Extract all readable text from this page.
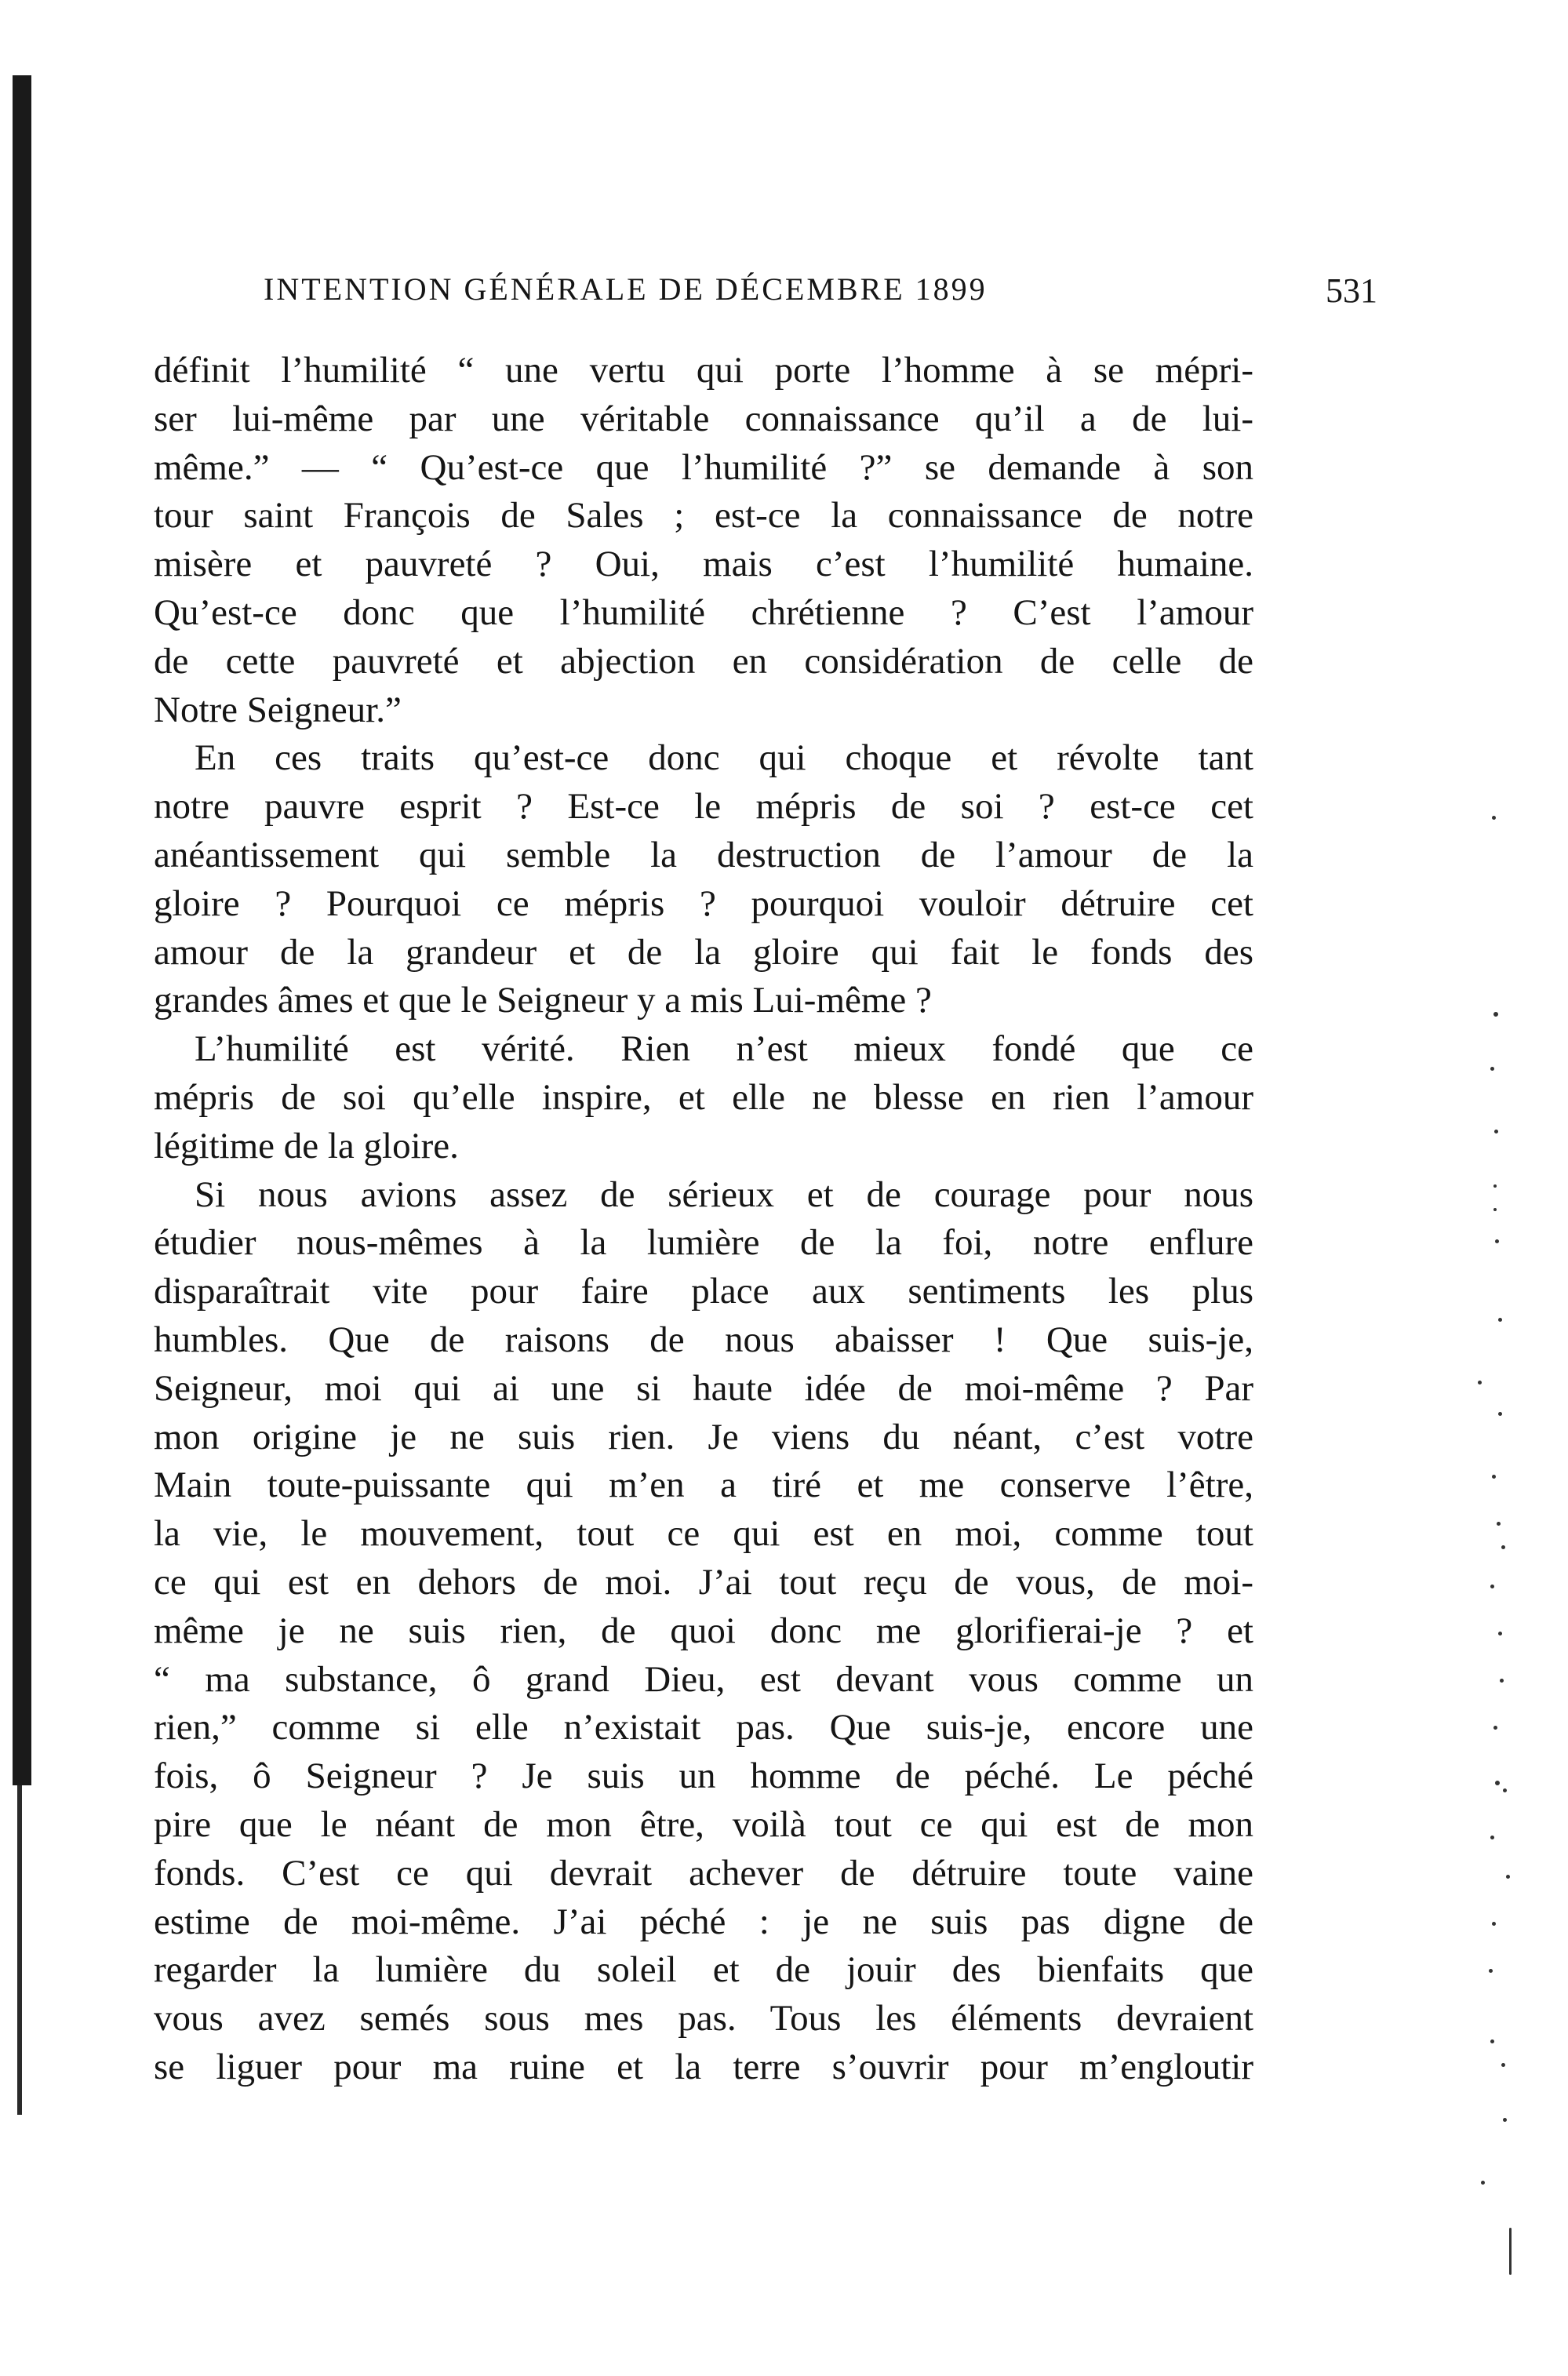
INTENTION GÉNÉRALE DE DÉCEMBRE 1899	531
définit l’humilité “ une vertu qui porte l’homme à se mépri-
ser lui-même par une véritable connaissance qu’il a de lui-
même.” — “ Qu’est-ce que l’humilité ?” se demande à son
tour saint François de Sales ; est-ce la connaissance de notre
misère et pauvreté ? Oui, mais c’est l’humilité humaine.
Qu’est-ce donc que l’humilité chrétienne ? C’est l’amour
de cette pauvreté et abjection en considération de celle de
Notre Seigneur.”
En ces traits qu’est-ce donc qui choque et révolte tant
notre pauvre esprit ? Est-ce le mépris de soi ? est-ce cet
anéantissement qui semble la destruction de l’amour de la
gloire ? Pourquoi ce mépris ? pourquoi vouloir détruire cet
amour de la grandeur et de la gloire qui fait le fonds des
grandes âmes et que le Seigneur y a mis Lui-même ?
L’humilité est vérité. Rien n’est mieux fondé que ce
mépris de soi qu’elle inspire, et elle ne blesse en rien l’amour
légitime de la gloire.
Si nous avions assez de sérieux et de courage pour nous
étudier nous-mêmes à la lumière de la foi, notre enflure
disparaîtrait vite pour faire place aux sentiments les plus
humbles. Que de raisons de nous abaisser ! Que suis-je,
Seigneur, moi qui ai une si haute idée de moi-même ? Par
mon origine je ne suis rien. Je viens du néant, c’est votre
Main toute-puissante qui m’en a tiré et me conserve l’être,
la vie, le mouvement, tout ce qui est en moi, comme tout
ce qui est en dehors de moi. J’ai tout reçu de vous, de moi-
même je ne suis rien, de quoi donc me glorifierai-je ? et
“ ma substance, ô grand Dieu, est devant vous comme un
rien,” comme si elle n’existait pas. Que suis-je, encore une
fois, ô Seigneur ? Je suis un homme de péché. Le péché
pire que le néant de mon être, voilà tout ce qui est de mon
fonds. C’est ce qui devrait achever de détruire toute vaine
estime de moi-même. J’ai péché : je ne suis pas digne de
regarder la lumière du soleil et de jouir des bienfaits que
vous avez semés sous mes pas. Tous les éléments devraient
se liguer pour ma ruine et la terre s’ouvrir pour m’engloutir
